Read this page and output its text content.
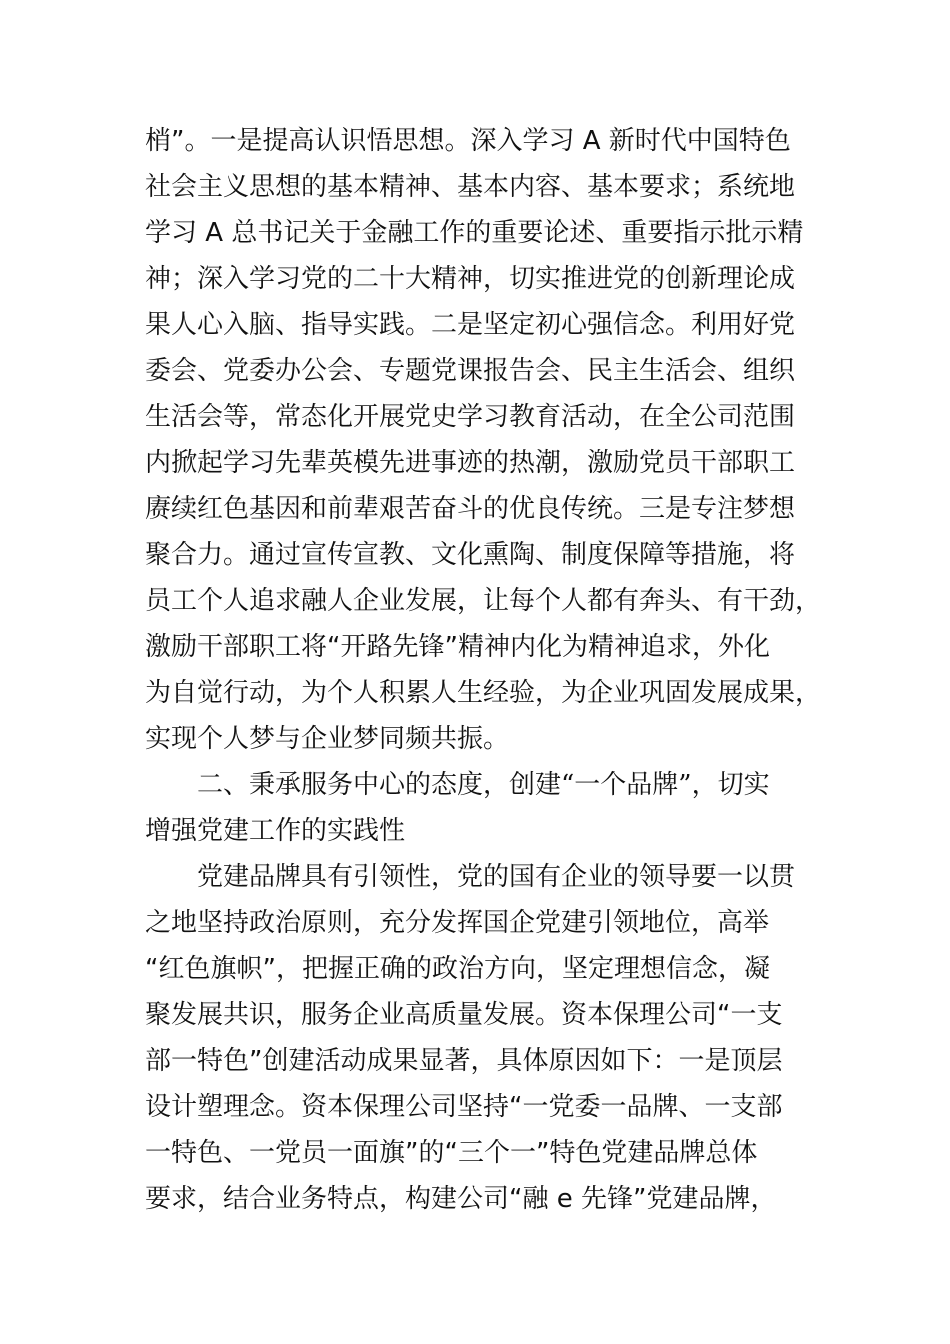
梢”。一是提高认识悟思想。深入学习 A 新时代中国特色
社会主义思想的基本精神、基本内容、基本要求；系统地
学习 A 总书记关于金融工作的重要论述、重要指示批示精
神；深入学习党的二十大精神，切实推进党的创新理论成
果人心入脑、指导实践。二是坚定初心强信念。利用好党
委会、党委办公会、专题党课报告会、民主生活会、组织
生活会等，常态化开展党史学习教育活动，在全公司范围
内掀起学习先辈英模先进事迹的热潮，激励党员干部职工
赓续红色基因和前辈艰苦奋斗的优良传统。三是专注梦想
聚合力。通过宣传宣教、文化熏陶、制度保障等措施，将
员工个人追求融人企业发展，让每个人都有奔头、有干劲，
激励干部职工将“开路先锋”精神内化为精神追求，外化
为自觉行动，为个人积累人生经验，为企业巩固发展成果，
实现个人梦与企业梦同频共振。
二、秉承服务中心的态度，创建“一个品牌”，切实
增强党建工作的实践性
党建品牌具有引领性，党的国有企业的领导要一以贯
之地坚持政治原则，充分发挥国企党建引领地位，高举
“红色旗帜”，把握正确的政治方向，坚定理想信念，凝
聚发展共识，服务企业高质量发展。资本保理公司“一支
部一特色”创建活动成果显著，具体原因如下：一是顶层
设计塑理念。资本保理公司坚持“一党委一品牌、一支部
一特色、一党员一面旗”的“三个一”特色党建品牌总体
要求，结合业务特点，构建公司“融 e 先锋”党建品牌，
